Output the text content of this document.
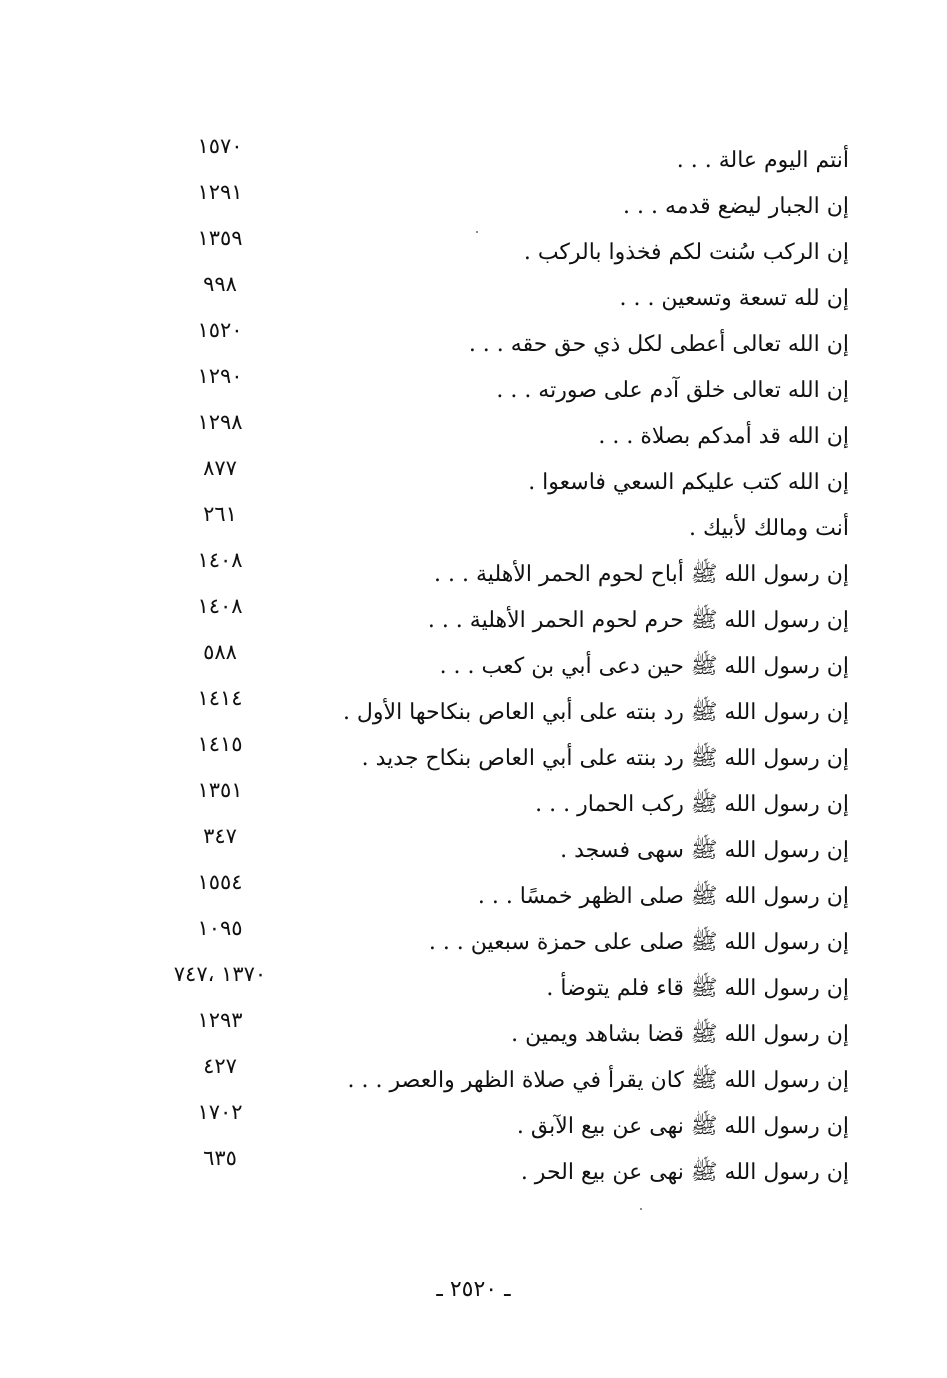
أنتم اليوم عالة . . .
١٥٧٠
إن الجبار ليضع قدمه . . .
١٢٩١
إن الركب سُنت لكم فخذوا بالركب .
١٣٥٩
إن لله تسعة وتسعين . . .
٩٩٨
إن الله تعالى أعطى لكل ذي حق حقه . . .
١٥٢٠
إن الله تعالى خلق آدم على صورته . . .
١٢٩٠
إن الله قد أمدكم بصلاة . . .
١٢٩٨
إن الله كتب عليكم السعي فاسعوا .
٨٧٧
أنت ومالك لأبيك .
٢٦١
إن رسول الله ﷺ أباح لحوم الحمر الأهلية . . .
١٤٠٨
إن رسول الله ﷺ حرم لحوم الحمر الأهلية . . .
١٤٠٨
إن رسول الله ﷺ حين دعى أبي بن كعب . . .
٥٨٨
إن رسول الله ﷺ رد بنته على أبي العاص بنكاحها الأول .
١٤١٤
إن رسول الله ﷺ رد بنته على أبي العاص بنكاح جديد .
١٤١٥
إن رسول الله ﷺ ركب الحمار . . .
١٣٥١
إن رسول الله ﷺ سهى فسجد .
٣٤٧
إن رسول الله ﷺ صلى الظهر خمسًا . . .
١٥٥٤
إن رسول الله ﷺ صلى على حمزة سبعين . . .
١٠٩٥
إن رسول الله ﷺ قاء فلم يتوضأ .
١٣٧٠ ،٧٤٧
إن رسول الله ﷺ قضا بشاهد ويمين .
١٢٩٣
إن رسول الله ﷺ كان يقرأ في صلاة الظهر والعصر . . .
٤٢٧
إن رسول الله ﷺ نهى عن بيع الآبق .
١٧٠٢
إن رسول الله ﷺ نهى عن بيع الحر .
٦٣٥
ـ ٢٥٢٠ ـ
